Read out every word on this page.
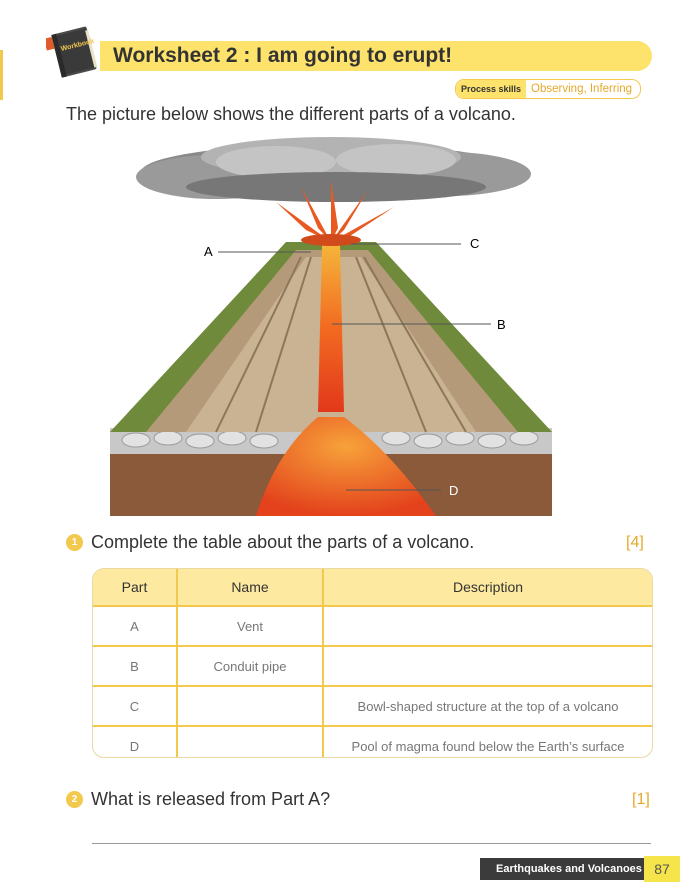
Workbook Worksheet 2 : I am going to erupt!
Process skills Observing, Inferring
The picture below shows the different parts of a volcano.
A
C
B
D
1 Complete the table about the parts of a volcano.	[4]
Part	Name	Description
A	Vent	
B	Conduit pipe	
C		Bowl-shaped structure at the top of a volcano
D		Pool of magma found below the Earth’s surface
2 What is released from Part A?	[1]
Earthquakes and Volcanoes 87
